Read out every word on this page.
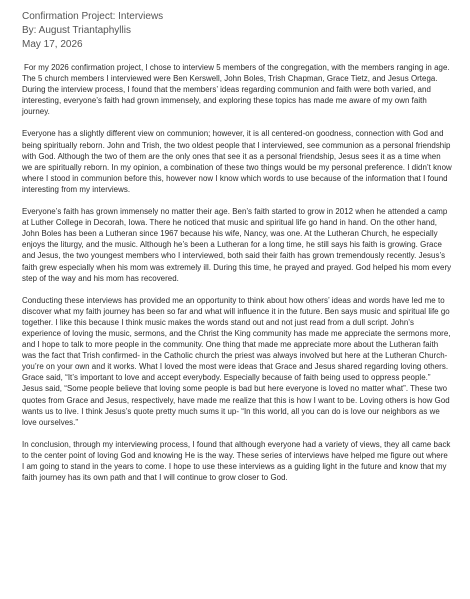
Confirmation Project: Interviews

By: August Triantaphyllis

May 17, 2026

For my 2026 confirmation project, I chose to interview 5 members of the congregation, with the members ranging in age. The 5 church members I interviewed were Ben Kerswell, John Boles, Trish Chapman, Grace Tietz, and Jesus Ortega. During the interview process, I found that the members’ ideas regarding communion and faith were both varied, and interesting, everyone’s faith had grown immensely, and exploring these topics has made me aware of my own faith journey.

Everyone has a slightly different view on communion; however, it is all centered-on goodness, connection with God and being spiritually reborn. John and Trish, the two oldest people that I interviewed, see communion as a personal friendship with God. Although the two of them are the only ones that see it as a personal friendship, Jesus sees it as a time when we are spiritually reborn. In my opinion, a combination of these two things would be my personal preference. I didn’t know where I stood in communion before this, however now I know which words to use because of the information that I found interesting from my interviews.

Everyone’s faith has grown immensely no matter their age. Ben’s faith started to grow in 2012 when he attended a camp at Luther College in Decorah, Iowa. There he noticed that music and spiritual life go hand in hand. On the other hand, John Boles has been a Lutheran since 1967 because his wife, Nancy, was one. At the Lutheran Church, he especially enjoys the liturgy, and the music. Although he’s been a Lutheran for a long time, he still says his faith is growing. Grace and Jesus, the two youngest members who I interviewed, both said their faith has grown tremendously recently. Jesus’s faith grew especially when his mom was extremely ill. During this time, he prayed and prayed. God helped his mom every step of the way and his mom has recovered.

Conducting these interviews has provided me an opportunity to think about how others’ ideas and words have led me to discover what my faith journey has been so far and what will influence it in the future. Ben says music and spiritual life go together. I like this because I think music makes the words stand out and not just read from a dull script. John’s experience of loving the music, sermons, and the Christ the King community has made me appreciate the sermons more, and I hope to talk to more people in the community. One thing that made me appreciate more about the Lutheran faith was the fact that Trish confirmed- in the Catholic church the priest was always involved but here at the Lutheran Church- you’re on your own and it works. What I loved the most were ideas that Grace and Jesus shared regarding loving others. Grace said, “It’s important to love and accept everybody. Especially because of faith being used to oppress people.” Jesus said, “Some people believe that loving some people is bad but here everyone is loved no matter what”. These two quotes from Grace and Jesus, respectively, have made me realize that this is how I want to be. Loving others is how God wants us to live. I think Jesus’s quote pretty much sums it up- “In this world, all you can do is love our neighbors as we love ourselves.”

In conclusion, through my interviewing process, I found that although everyone had a variety of views, they all came back to the center point of loving God and knowing He is the way. These series of interviews have helped me figure out where I am going to stand in the years to come. I hope to use these interviews as a guiding light in the future and know that my faith journey has its own path and that I will continue to grow closer to God.
